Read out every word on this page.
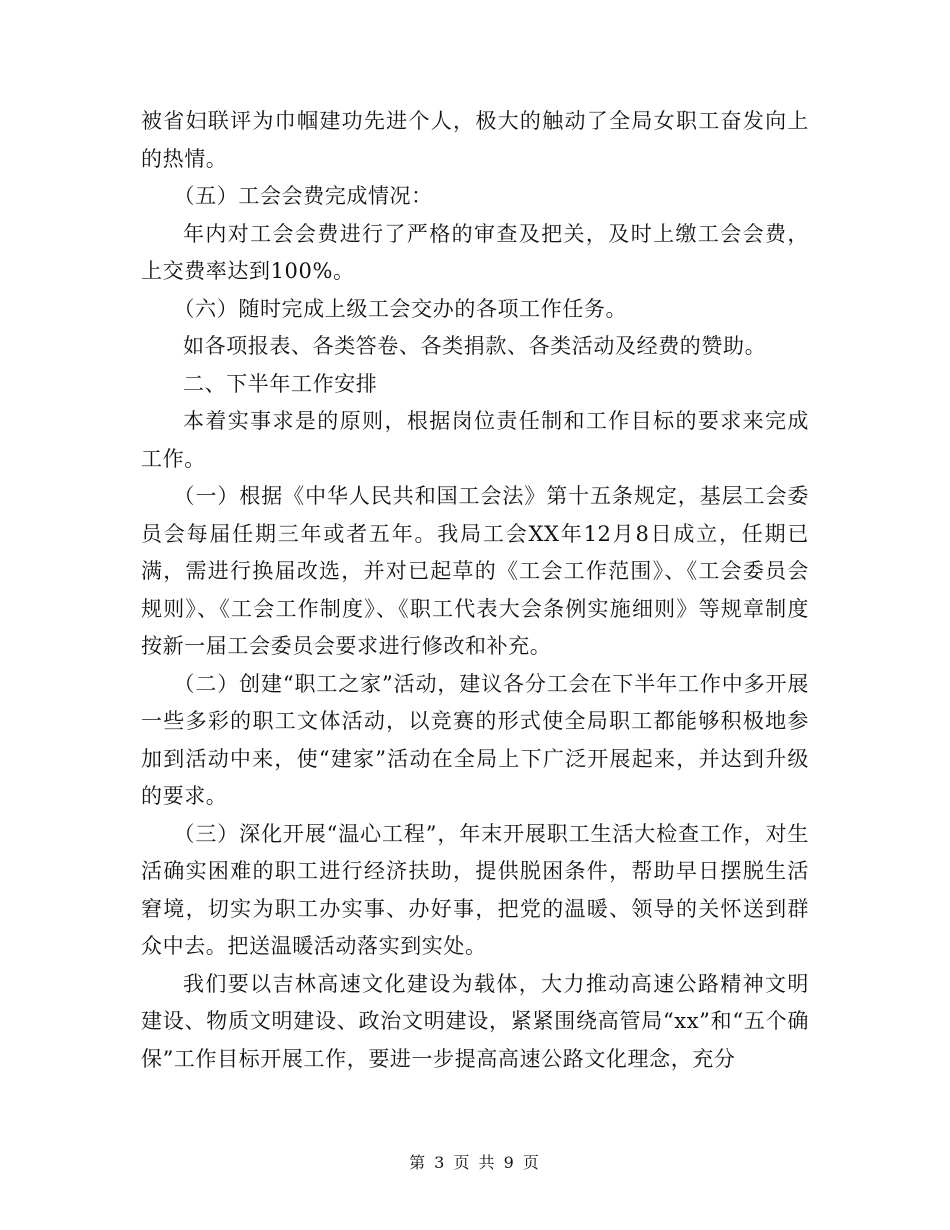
被省妇联评为巾帼建功先进个人，极大的触动了全局女职工奋发向上的热情。

（五）工会会费完成情况：

年内对工会会费进行了严格的审查及把关，及时上缴工会会费，上交费率达到100%。

（六）随时完成上级工会交办的各项工作任务。

如各项报表、各类答卷、各类捐款、各类活动及经费的赞助。

二、下半年工作安排

本着实事求是的原则，根据岗位责任制和工作目标的要求来完成工作。

（一）根据《中华人民共和国工会法》第十五条规定，基层工会委员会每届任期三年或者五年。我局工会XX年12月8日成立，任期已满，需进行换届改选，并对已起草的《工会工作范围》、《工会委员会规则》、《工会工作制度》、《职工代表大会条例实施细则》等规章制度按新一届工会委员会要求进行修改和补充。

（二）创建“职工之家”活动，建议各分工会在下半年工作中多开展一些多彩的职工文体活动，以竞赛的形式使全局职工都能够积极地参加到活动中来，使“建家”活动在全局上下广泛开展起来，并达到升级的要求。

（三）深化开展“温心工程”，年末开展职工生活大检查工作，对生活确实困难的职工进行经济扶助，提供脱困条件，帮助早日摆脱生活窘境，切实为职工办实事、办好事，把党的温暖、领导的关怀送到群众中去。把送温暖活动落实到实处。

我们要以吉林高速文化建设为载体，大力推动高速公路精神文明建设、物质文明建设、政治文明建设，紧紧围绕高管局“xx”和“五个确保”工作目标开展工作，要进一步提高高速公路文化理念，充分

第 3 页 共 9 页
